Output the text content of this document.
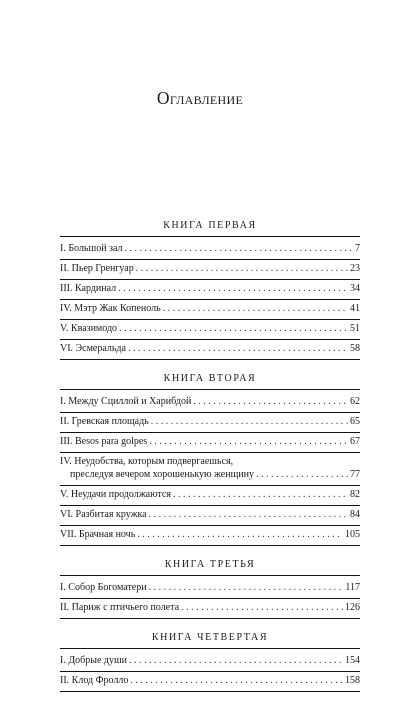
Оглавление
КНИГА ПЕРВАЯ
I. Большой зал . . .	7
II. Пьер Гренгуар . . .	23
III. Кардинал . . .	34
IV. Мэтр Жак Копеноль . . .	41
V. Квазимодо . . .	51
VI. Эсмеральда . . .	58
КНИГА ВТОРАЯ
I. Между Сциллой и Харибдой . . .	62
II. Гревская площадь . . .	65
III. Besos para golpes . . .	67
IV. Неудобства, которым подвергаешься,
преследуя вечером хорошенькую женщину . . .	77
V. Неудачи продолжаются . . .	82
VI. Разбитая кружка . . .	84
VII. Брачная ночь . . .	105
КНИГА ТРЕТЬЯ
I. Собор Богоматери . . .	117
II. Париж с птичьего полета . . .	126
КНИГА ЧЕТВЕРТАЯ
I. Добрые души . . .	154
II. Клод Фролло . . .	158
